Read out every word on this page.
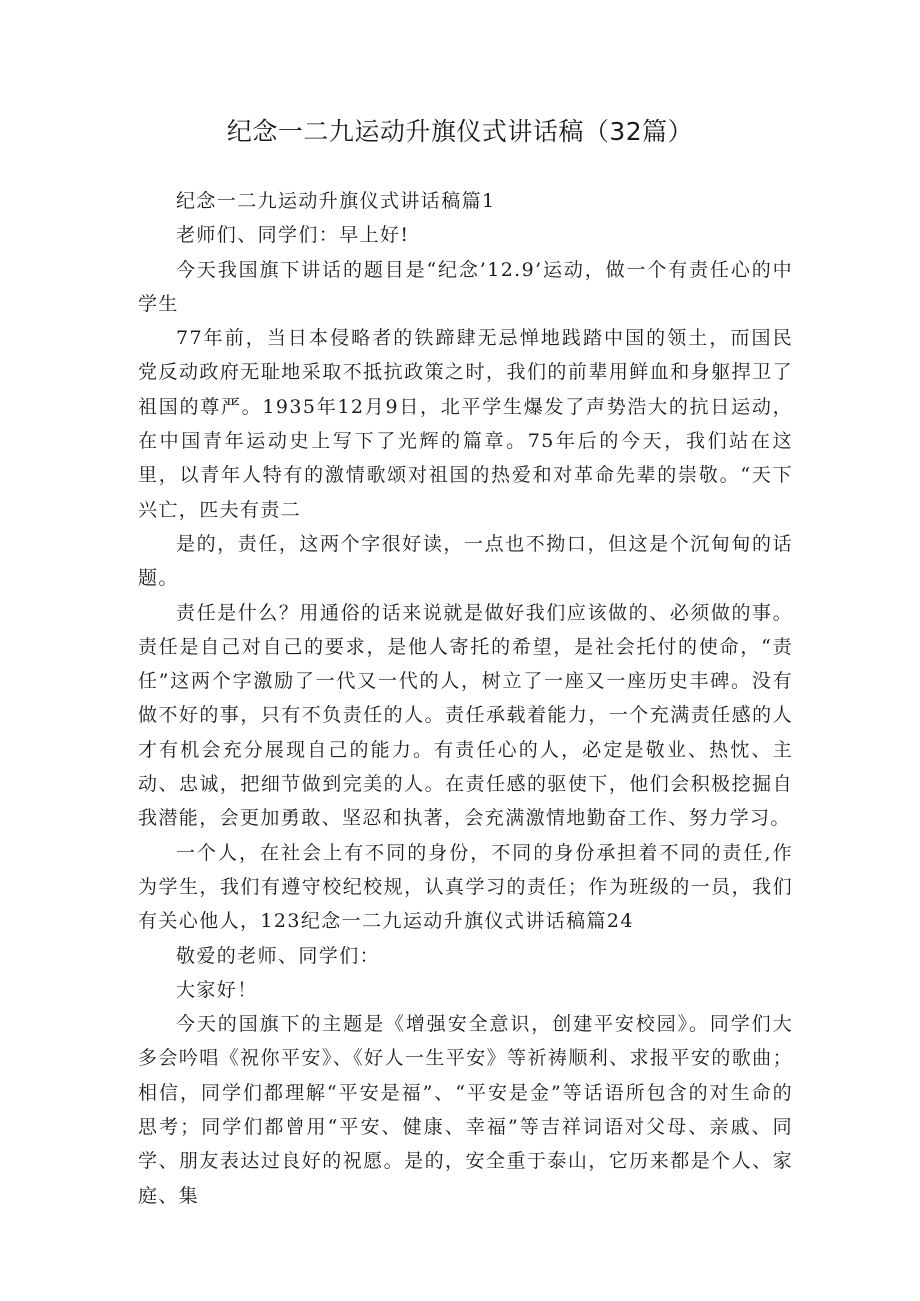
纪念一二九运动升旗仪式讲话稿（32篇）

纪念一二九运动升旗仪式讲话稿篇1

老师们、同学们：早上好!

今天我国旗下讲话的题目是“纪念’12.9’运动，做一个有责任心的中学生

77年前，当日本侵略者的铁蹄肆无忌惮地践踏中国的领土，而国民党反动政府无耻地采取不抵抗政策之时，我们的前辈用鲜血和身躯捍卫了祖国的尊严。1935年12月9日，北平学生爆发了声势浩大的抗日运动，在中国青年运动史上写下了光辉的篇章。75年后的今天，我们站在这里，以青年人特有的激情歌颂对祖国的热爱和对革命先辈的崇敬。“天下兴亡，匹夫有责二

是的，责任，这两个字很好读，一点也不拗口，但这是个沉甸甸的话题。

责任是什么？用通俗的话来说就是做好我们应该做的、必须做的事。责任是自己对自己的要求，是他人寄托的希望，是社会托付的使命，“责任”这两个字激励了一代又一代的人，树立了一座又一座历史丰碑。没有做不好的事，只有不负责任的人。责任承载着能力，一个充满责任感的人才有机会充分展现自己的能力。有责任心的人，必定是敬业、热忱、主动、忠诚，把细节做到完美的人。在责任感的驱使下，他们会积极挖掘自我潜能，会更加勇敢、坚忍和执著，会充满激情地勤奋工作、努力学习。

一个人，在社会上有不同的身份，不同的身份承担着不同的责任,作为学生，我们有遵守校纪校规，认真学习的责任；作为班级的一员，我们有关心他人，123纪念一二九运动升旗仪式讲话稿篇24

敬爱的老师、同学们：

大家好！

今天的国旗下的主题是《增强安全意识，创建平安校园》。同学们大多会吟唱《祝你平安》、《好人一生平安》等祈祷顺利、求报平安的歌曲；相信，同学们都理解“平安是福”、“平安是金”等话语所包含的对生命的思考；同学们都曾用“平安、健康、幸福”等吉祥词语对父母、亲戚、同学、朋友表达过良好的祝愿。是的，安全重于泰山，它历来都是个人、家庭、集
